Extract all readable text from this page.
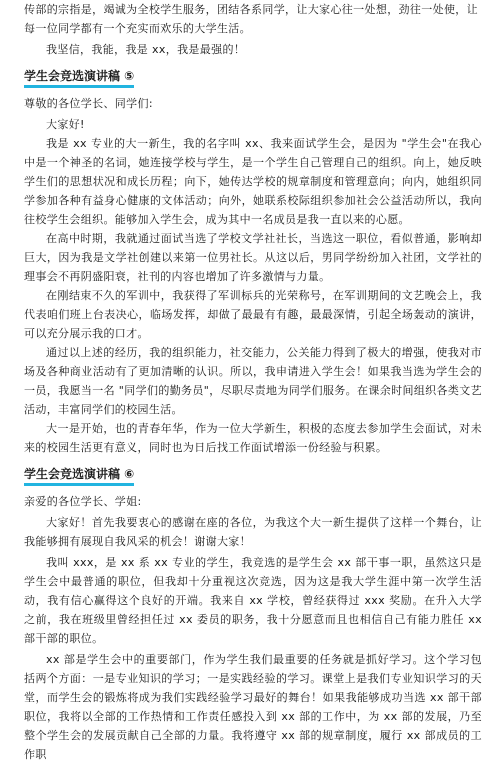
传部的宗指是，竭诚为全校学生服务，团结各系同学，让大家心往一处想，劲往一处使，让

每一位同学都有一个充实而欢乐的大学生活。

我坚信，我能，我是 xx，我是最强的！

学生会竞选演讲稿 ⑤

尊敬的各位学长、同学们:

大家好!

我是 xx 专业的大一新生，我的名字叫 xx、我来面试学生会，是因为 "学生会"在我心中是一个神圣的名词，她连接学校与学生，是一个学生自己管理自己的组织。向上，她反映学生们的思想状况和成长历程；向下，她传达学校的规章制度和管理意向；向内，她组织同学参加各种有益身心健康的文体活动；向外，她联系校际组织参加社会公益活动所以，我向往校学生会组织。能够加入学生会，成为其中一名成员是我一直以来的心愿。

在高中时期，我就通过面试当选了学校文学社社长，当选这一职位，看似普通，影响却巨大，因为我是文学社创建以来第一位男社长。从这以后，男同学纷纷加入社团，文学社的理事会不再阴盛阳衰，社刊的内容也增加了许多激情与力量。

在刚结束不久的军训中，我获得了军训标兵的光荣称号，在军训期间的文艺晚会上，我代表咱们班上台表决心，临场发挥，却做了最最有有趣，最最深情，引起全场轰动的演讲，可以充分展示我的口才。

通过以上述的经历，我的组织能力，社交能力，公关能力得到了极大的增强，使我对市场及各种商业活动有了更加清晰的认识。所以，我申请进入学生会！如果我当选为学生会的一员，我愿当一名 "同学们的勤务员"，尽职尽责地为同学们服务。在课余时间组织各类文艺活动，丰富同学们的校园生活。

大一是开始，也的青春年华，作为一位大学新生，积极的态度去参加学生会面试，对未来的校园生活更有意义，同时也为日后找工作面试增添一份经验与积累。

学生会竞选演讲稿 ⑥

亲爱的各位学长、学姐:

大家好！首先我要衷心的感谢在座的各位，为我这个大一新生提供了这样一个舞台，让我能够拥有展现自我风采的机会！谢谢大家！

我叫 xxx，是 xx 系 xx 专业的学生，我竞选的是学生会 xx 部干事一职，虽然这只是学生会中最普通的职位，但我却十分重视这次竞选，因为这是我大学生涯中第一次学生活动，我有信心赢得这个良好的开端。我来自 xx 学校，曾经获得过 xxx 奖励。在升入大学之前，我在班级里曾经担任过 xx 委员的职务，我十分愿意而且也相信自己有能力胜任 xx 部干部的职位。

xx 部是学生会中的重要部门，作为学生我们最重要的任务就是抓好学习。这个学习包括两个方面：一是专业知识的学习；一是实践经验的学习。课堂上是我们专业知识学习的天堂，而学生会的锻炼将成为我们实践经验学习最好的舞台！如果我能够成功当选 xx 部干部职位，我将以全部的工作热情和工作责任感投入到 xx 部的工作中，为 xx 部的发展，乃至整个学生会的发展贡献自己全部的力量。我将遵守 xx 部的规章制度，履行 xx 部成员的工作职
